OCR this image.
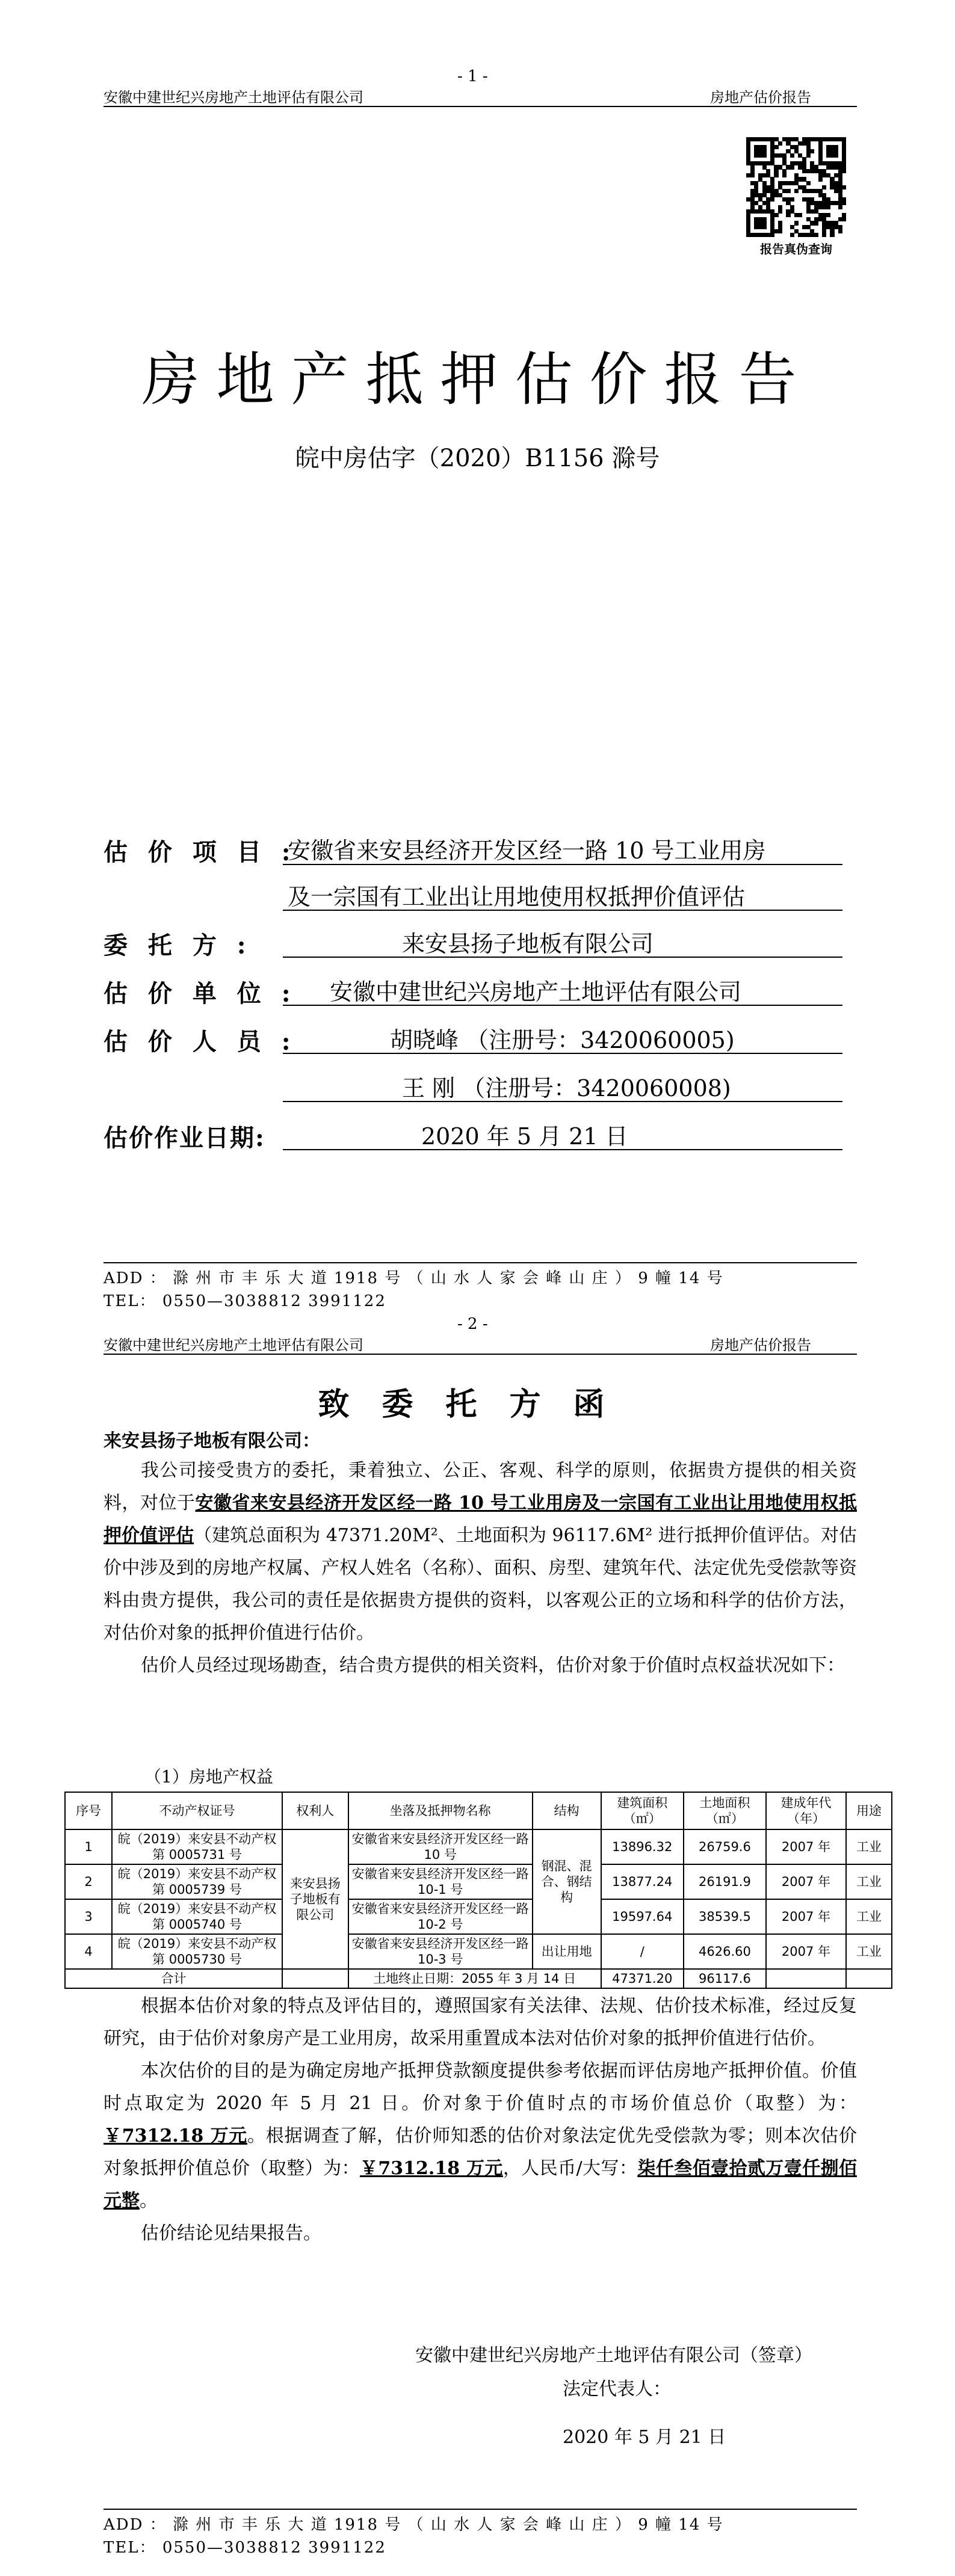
- 1 -
安徽中建世纪兴房地产土地评估有限公司	房地产估价报告
报告真伪查询
房地产抵押估价报告
皖中房估字（2020）B1156 滁号
估 价 项 目 :
安徽省来安县经济开发区经一路 10 号工业用房
及一宗国有工业出让用地使用权抵押价值评估
委 托 方 :	来安县扬子地板有限公司
估 价 单 位 : 安徽中建世纪兴房地产土地评估有限公司
估 价 人 员 :	胡晓峰 （注册号：3420060005)
王 刚 （注册号：3420060008)
估价作业日期:	2020 年 5 月 21 日
ADD ： 滁 州 市 丰 乐 大 道 1918 号 （ 山 水 人 家 会 峰 山 庄 ） 9 幢 14 号
TEL： 0550—3038812 3991122
- 2 -
安徽中建世纪兴房地产土地评估有限公司	房地产估价报告
致委托方函
来安县扬子地板有限公司：

我公司接受贵方的委托，秉着独立、公正、客观、科学的原则，依据贵方提供的相关资料，对位于安徽省来安县经济开发区经一路 10 号工业用房及一宗国有工业出让用地使用权抵押价值评估（建筑总面积为 47371.20M²、土地面积为 96117.6M² 进行抵押价值评估。对估价中涉及到的房地产权属、产权人姓名（名称）、面积、房型、建筑年代、法定优先受偿款等资料由贵方提供，我公司的责任是依据贵方提供的资料，以客观公正的立场和科学的估价方法，对估价对象的抵押价值进行估价。

估价人员经过现场勘查，结合贵方提供的相关资料，估价对象于价值时点权益状况如下：

（1）房地产权益
序号	不动产权证号	权利人	坐落及抵押物名称	结构	建筑面积（㎡）	土地面积（㎡）	建成年代（年）	用途
1	皖（2019）来安县不动产权第 0005731 号	来安县扬子地板有限公司	安徽省来安县经济开发区经一路 10 号	钢混、混合、钢结构	13896.32	26759.6	2007 年	工业
2	皖（2019）来安县不动产权第 0005739 号		安徽省来安县经济开发区经一路 10-1 号		13877.24	26191.9	2007 年	工业
3	皖（2019）来安县不动产权第 0005740 号		安徽省来安县经济开发区经一路 10-2 号		19597.64	38539.5	2007 年	工业
4	皖（2019）来安县不动产权第 0005730 号		安徽省来安县经济开发区经一路 10-3 号	出让用地	/	4626.60	2007 年	工业
合计			土地终止日期：2055 年 3 月 14 日		47371.20	96117.6		

根据本估价对象的特点及评估目的，遵照国家有关法律、法规、估价技术标准，经过反复研究，由于估价对象房产是工业用房，故采用重置成本法对估价对象的抵押价值进行估价。

本次估价的目的是为确定房地产抵押贷款额度提供参考依据而评估房地产抵押价值。价值时点取定为 2020 年 5 月 21 日。价对象于价值时点的市场价值总价（取整）为：￥7312.18 万元。根据调查了解，估价师知悉的估价对象法定优先受偿款为零；则本次估价对象抵押价值总价（取整）为：￥7312.18 万元，人民币/大写：柒仟叁佰壹拾贰万壹仟捌佰元整。

估价结论见结果报告。

安徽中建世纪兴房地产土地评估有限公司（签章）
法定代表人：
2020 年 5 月 21 日
ADD ： 滁 州 市 丰 乐 大 道 1918 号 （ 山 水 人 家 会 峰 山 庄 ） 9 幢 14 号
TEL： 0550—3038812 3991122
